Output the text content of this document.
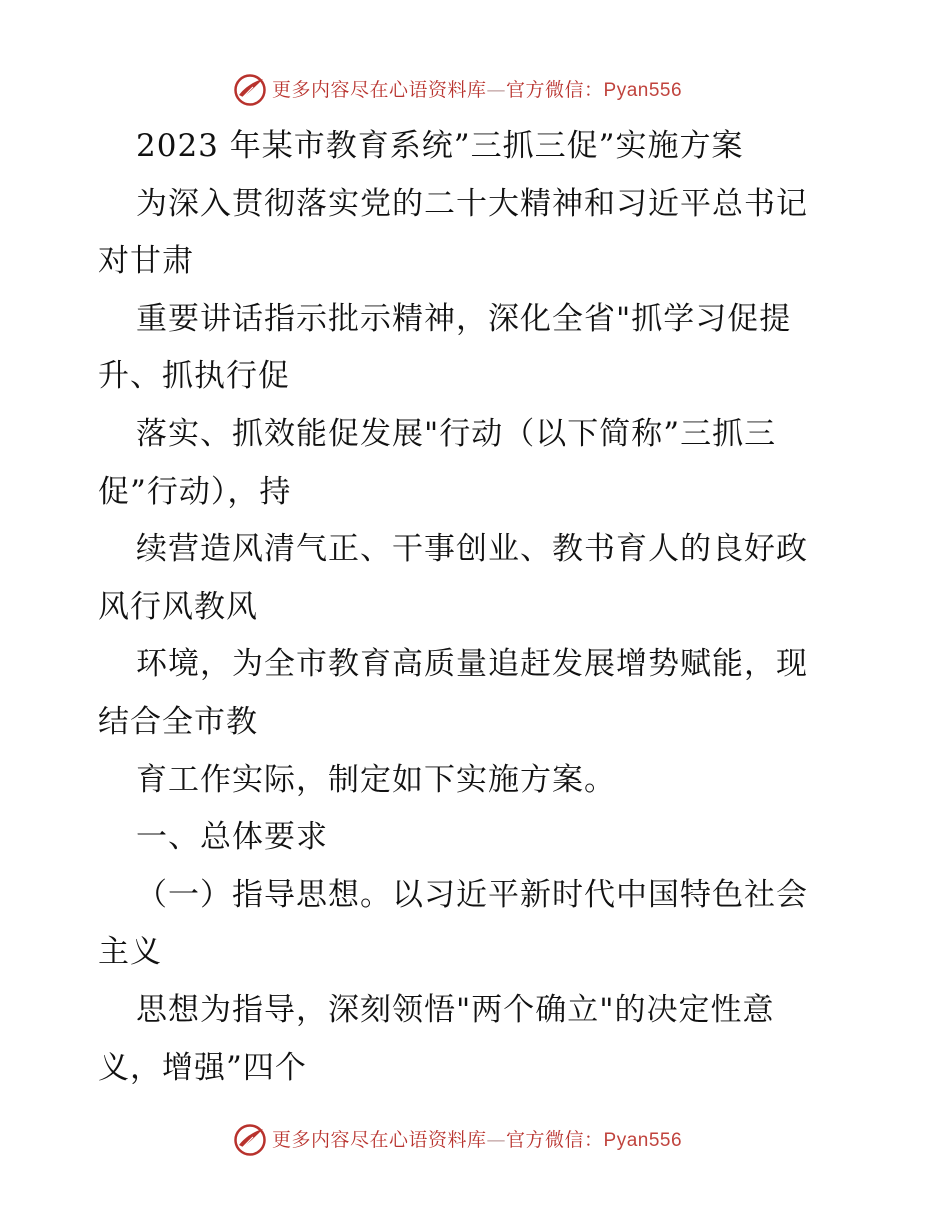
更多内容尽在心语资料库—官方微信：Pyan556
2023 年某市教育系统”三抓三促”实施方案
为深入贯彻落实党的二十大精神和习近平总书记
对甘肃
重要讲话指示批示精神，深化全省"抓学习促提
升、抓执行促
落实、抓效能促发展"行动（以下简称”三抓三
促”行动），持
续营造风清气正、干事创业、教书育人的良好政
风行风教风
环境，为全市教育高质量追赶发展增势赋能，现
结合全市教
育工作实际，制定如下实施方案。
一、总体要求
（一）指导思想。以习近平新时代中国特色社会
主义
思想为指导，深刻领悟"两个确立"的决定性意
义，增强”四个
更多内容尽在心语资料库—官方微信：Pyan556
